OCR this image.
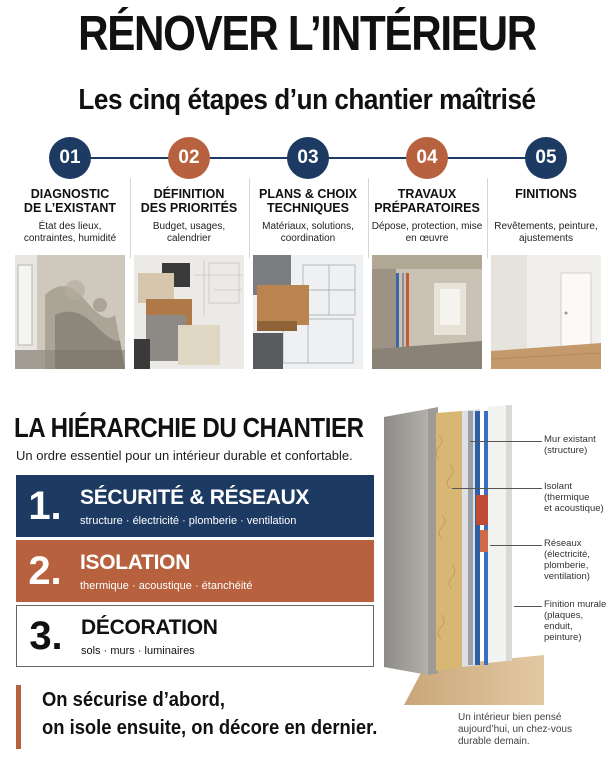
RÉNOVER L’INTÉRIEUR
Les cinq étapes d’un chantier maîtrisé
01
DIAGNOSTIC
DE L’EXISTANT
État des lieux, contraintes, humidité
02
DÉFINITION
DES PRIORITÉS
Budget, usages, calendrier
03
PLANS & CHOIX
TECHNIQUES
Matériaux, solutions, coordination
04
TRAVAUX
PRÉPARATOIRES
Dépose, protection, mise en œuvre
05
FINITIONS

Revêtements, peinture, ajustements
LA HIÉRARCHIE DU CHANTIER
Un ordre essentiel pour un intérieur durable et confortable.
1. SÉCURITÉ & RÉSEAUX
structure · électricité · plomberie · ventilation
2. ISOLATION
thermique · acoustique · étanchéité
3. DÉCORATION
sols · murs · luminaires
On sécurise d’abord,
on isole ensuite, on décore en dernier.
Mur existant
(structure)
Isolant
(thermique
et acoustique)
Réseaux
(électricité,
plomberie,
ventilation)
Finition murale
(plaques, enduit,
peinture)
Un intérieur bien pensé aujourd’hui, un chez-vous durable demain.
